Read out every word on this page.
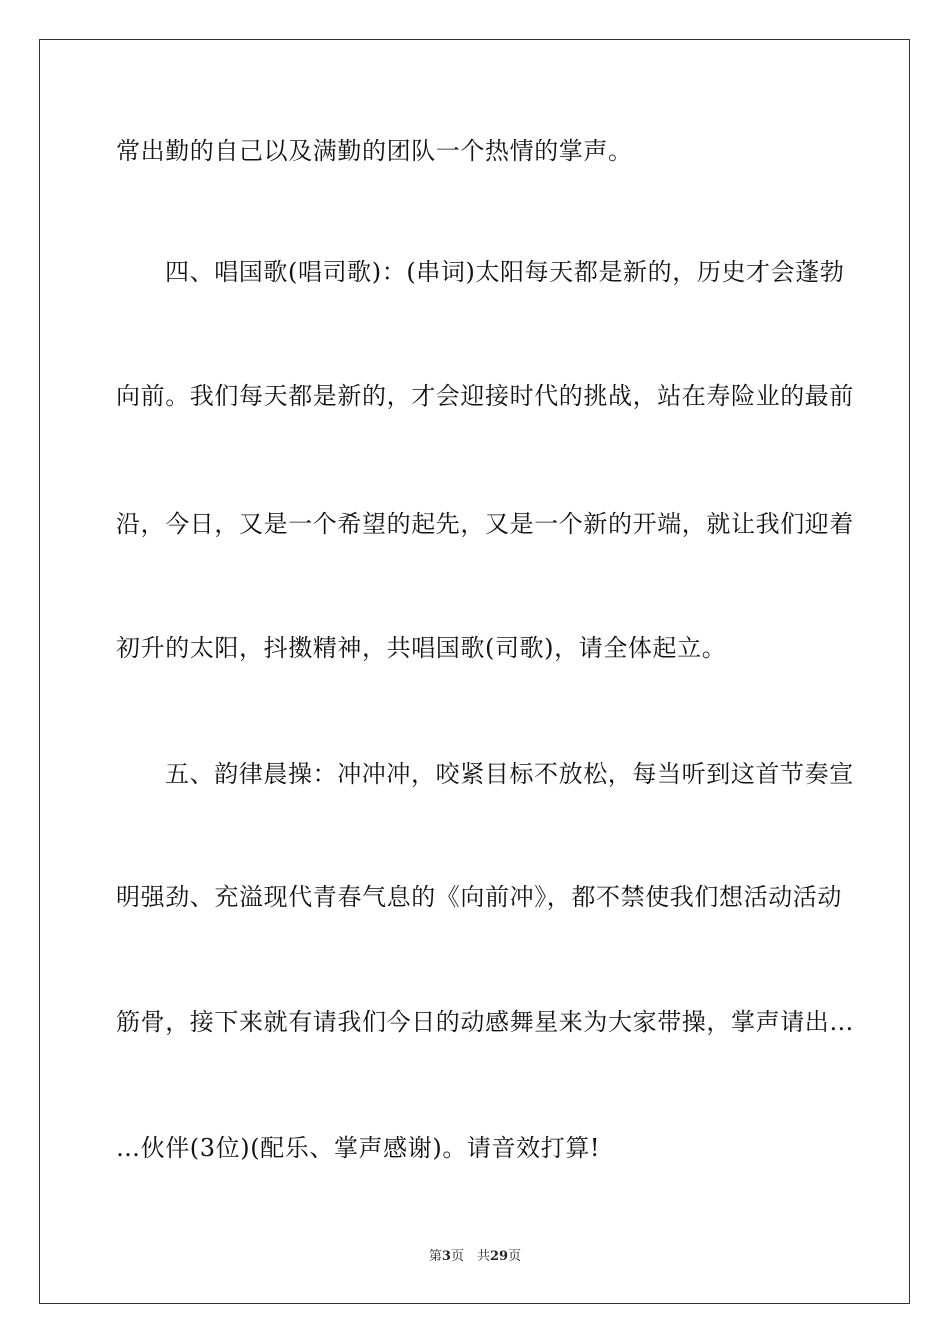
常出勤的自己以及满勤的团队一个热情的掌声。
四、唱国歌(唱司歌)：(串词)太阳每天都是新的，历史才会蓬勃
向前。我们每天都是新的，才会迎接时代的挑战，站在寿险业的最前
沿，今日，又是一个希望的起先，又是一个新的开端，就让我们迎着
初升的太阳，抖擞精神，共唱国歌(司歌)，请全体起立。
五、韵律晨操：冲冲冲，咬紧目标不放松，每当听到这首节奏宣
明强劲、充溢现代青春气息的《向前冲》，都不禁使我们想活动活动
筋骨，接下来就有请我们今日的动感舞星来为大家带操，掌声请出…
…伙伴(3位)(配乐、掌声感谢)。请音效打算!
第3页　共29页
